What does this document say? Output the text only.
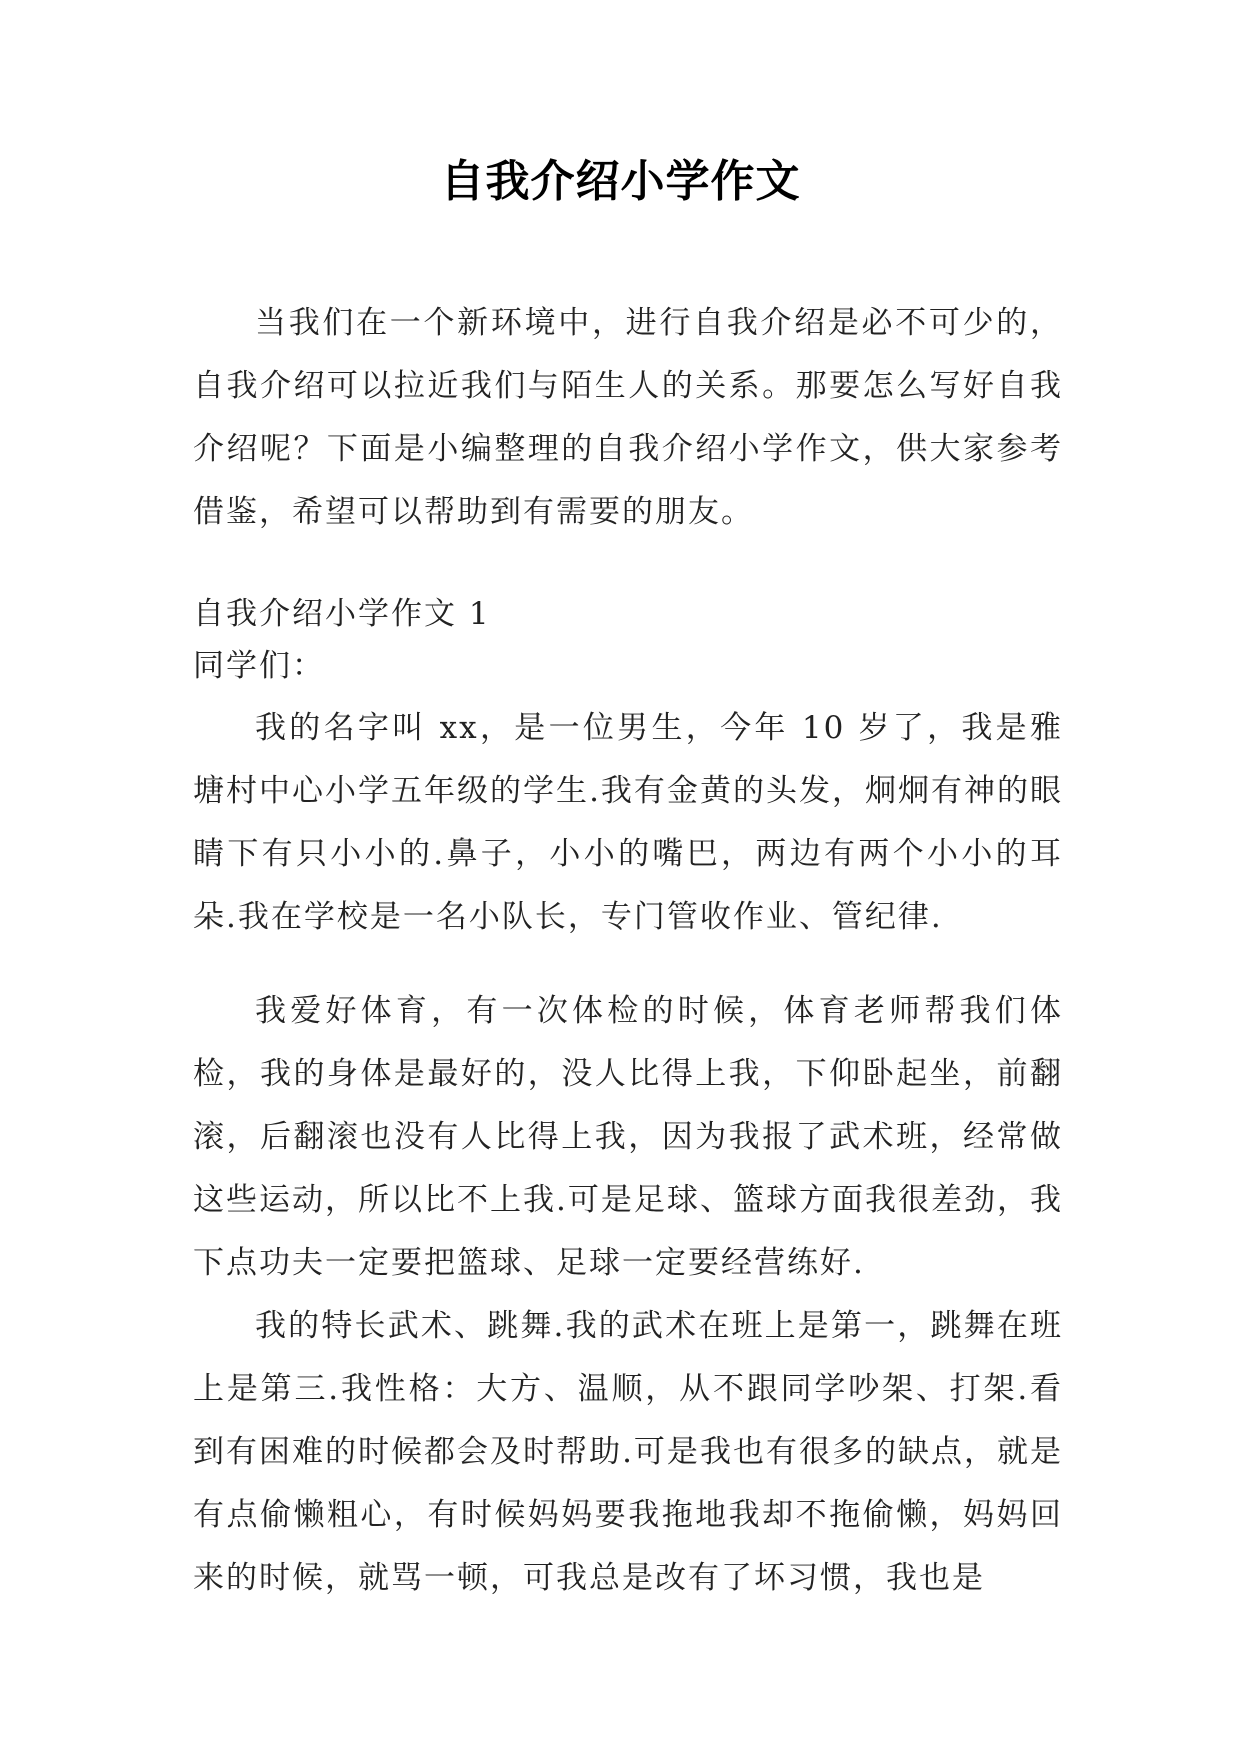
自我介绍小学作文

当我们在一个新环境中，进行自我介绍是必不可少的，自我介绍可以拉近我们与陌生人的关系。那要怎么写好自我介绍呢？下面是小编整理的自我介绍小学作文，供大家参考借鉴，希望可以帮助到有需要的朋友。

自我介绍小学作文 1

同学们：

我的名字叫 xx，是一位男生，今年 10 岁了，我是雅塘村中心小学五年级的学生.我有金黄的头发，炯炯有神的眼睛下有只小小的.鼻子，小小的嘴巴，两边有两个小小的耳朵.我在学校是一名小队长，专门管收作业、管纪律.

我爱好体育，有一次体检的时候，体育老师帮我们体检，我的身体是最好的，没人比得上我，下仰卧起坐，前翻滚，后翻滚也没有人比得上我，因为我报了武术班，经常做这些运动，所以比不上我.可是足球、篮球方面我很差劲，我下点功夫一定要把篮球、足球一定要经营练好.

我的特长武术、跳舞.我的武术在班上是第一，跳舞在班上是第三.我性格：大方、温顺，从不跟同学吵架、打架.看到有困难的时候都会及时帮助.可是我也有很多的缺点，就是有点偷懒粗心，有时候妈妈要我拖地我却不拖偷懒，妈妈回来的时候，就骂一顿，可我总是改有了坏习惯，我也是
